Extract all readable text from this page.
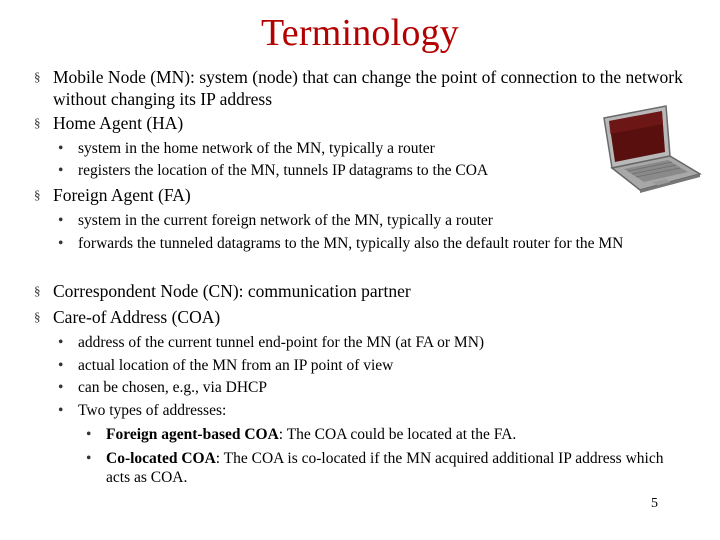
Terminology
§ Mobile Node (MN): system (node) that can change the point of connection to the network without changing its IP address
§ Home Agent (HA)
• system in the home network of the MN, typically a router
• registers the location of the MN, tunnels IP datagrams to the COA
§ Foreign Agent (FA)
• system in the current foreign network of the MN, typically a router
• forwards the tunneled datagrams to the MN, typically also the default router for the MN
§ Correspondent Node (CN): communication partner
§ Care-of Address (COA)
• address of the current tunnel end-point for the MN (at FA or MN)
• actual location of the MN from an IP point of view
• can be chosen, e.g., via DHCP
• Two types of addresses:
• Foreign agent-based COA: The COA could be located at the FA.
• Co-located COA: The COA is co-located if the MN acquired additional IP address which acts as COA.
5
